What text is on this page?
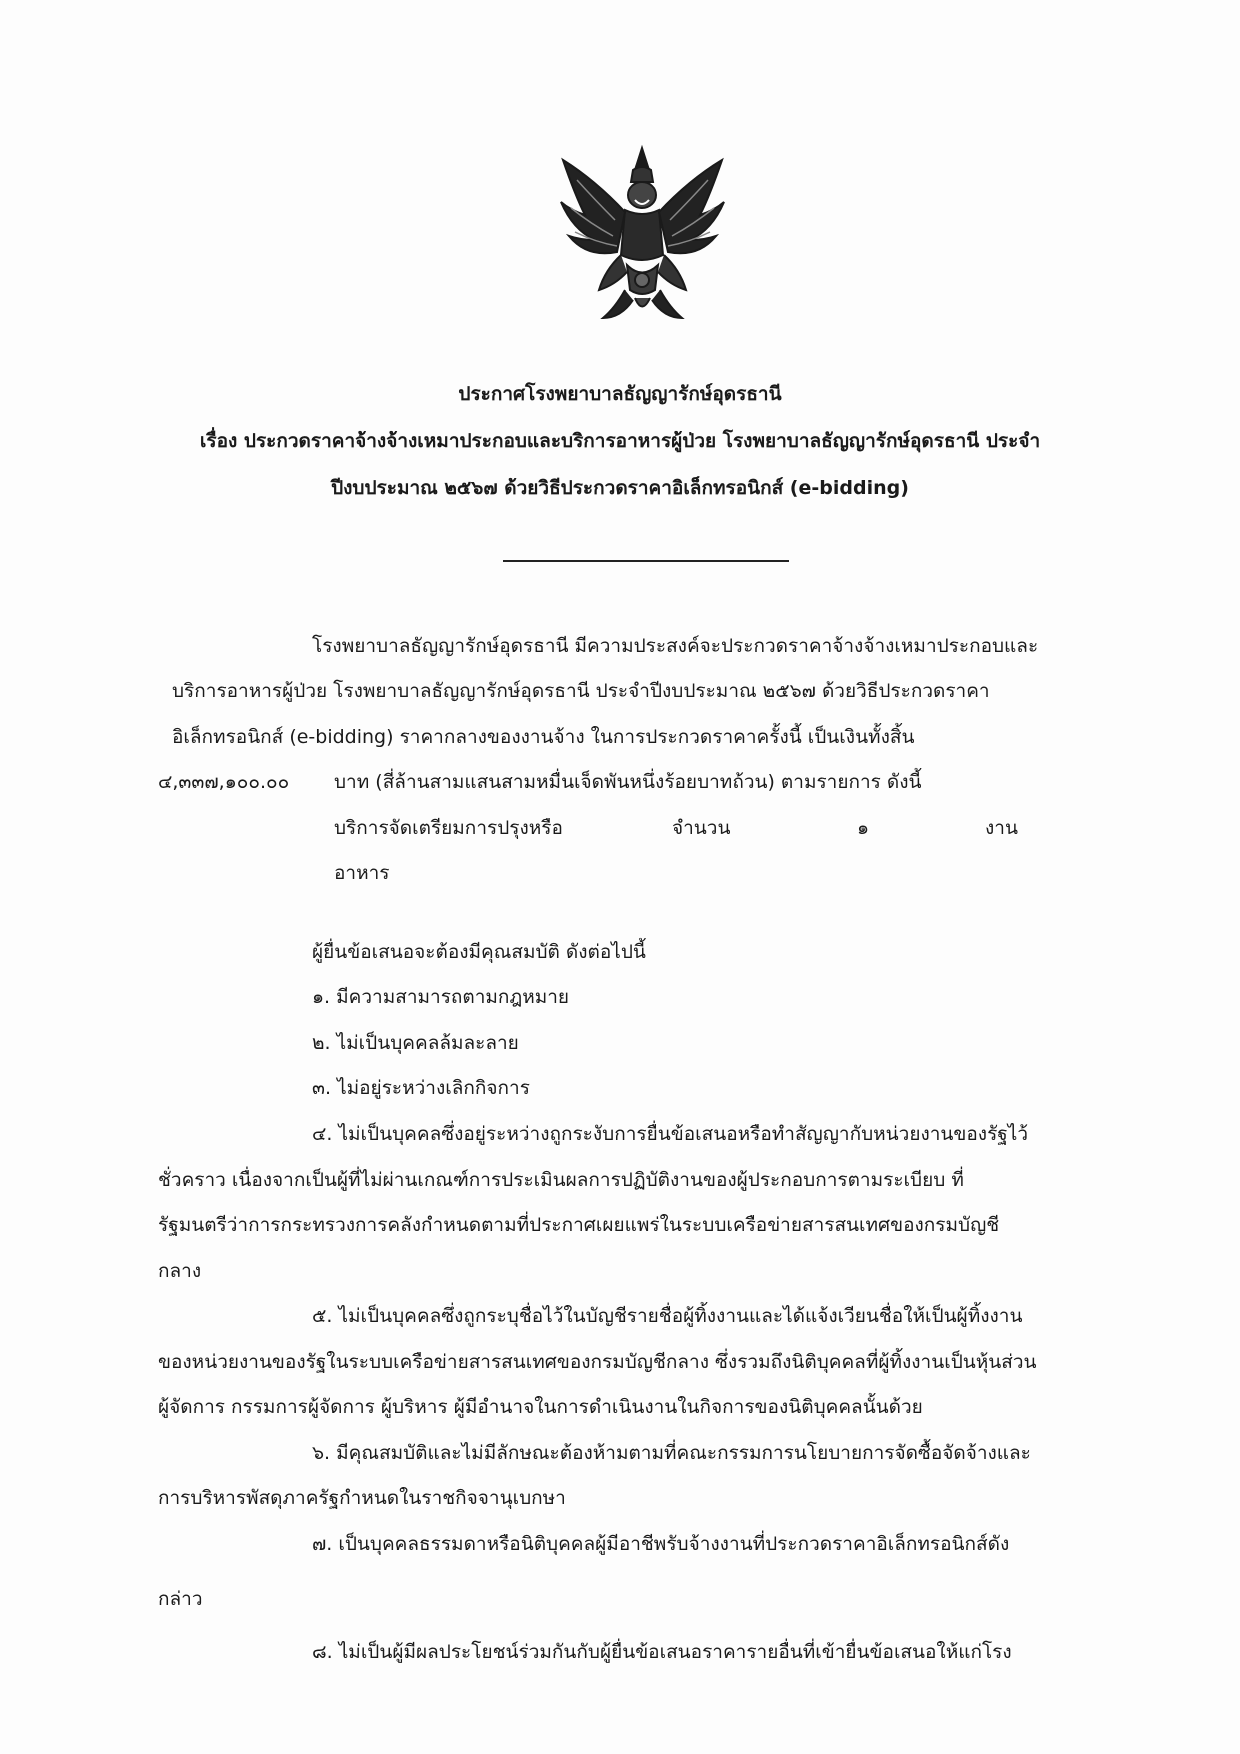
ประกาศโรงพยาบาลธัญญารักษ์อุดรธานี
เรื่อง ประกวดราคาจ้างจ้างเหมาประกอบและบริการอาหารผู้ป่วย โรงพยาบาลธัญญารักษ์อุดรธานี ประจำ
ปีงบประมาณ ๒๕๖๗ ด้วยวิธีประกวดราคาอิเล็กทรอนิกส์ (e-bidding)
โรงพยาบาลธัญญารักษ์อุดรธานี มีความประสงค์จะประกวดราคาจ้างจ้างเหมาประกอบและ
บริการอาหารผู้ป่วย โรงพยาบาลธัญญารักษ์อุดรธานี ประจำปีงบประมาณ ๒๕๖๗ ด้วยวิธีประกวดราคา
อิเล็กทรอนิกส์ (e-bidding) ราคากลางของงานจ้าง ในการประกวดราคาครั้งนี้ เป็นเงินทั้งสิ้น
๔,๓๓๗,๑๐๐.๐๐ บาท (สี่ล้านสามแสนสามหมื่นเจ็ดพันหนึ่งร้อยบาทถ้วน) ตามรายการ ดังนี้
บริการจัดเตรียมการปรุงหรือ	จำนวน	๑	งาน
อาหาร
ผู้ยื่นข้อเสนอจะต้องมีคุณสมบัติ ดังต่อไปนี้
๑. มีความสามารถตามกฎหมาย
๒. ไม่เป็นบุคคลล้มละลาย
๓. ไม่อยู่ระหว่างเลิกกิจการ
๔. ไม่เป็นบุคคลซึ่งอยู่ระหว่างถูกระงับการยื่นข้อเสนอหรือทำสัญญากับหน่วยงานของรัฐไว้
ชั่วคราว เนื่องจากเป็นผู้ที่ไม่ผ่านเกณฑ์การประเมินผลการปฏิบัติงานของผู้ประกอบการตามระเบียบ ที่
รัฐมนตรีว่าการกระทรวงการคลังกำหนดตามที่ประกาศเผยแพร่ในระบบเครือข่ายสารสนเทศของกรมบัญชี
กลาง
๕. ไม่เป็นบุคคลซึ่งถูกระบุชื่อไว้ในบัญชีรายชื่อผู้ทิ้งงานและได้แจ้งเวียนชื่อให้เป็นผู้ทิ้งงาน
ของหน่วยงานของรัฐในระบบเครือข่ายสารสนเทศของกรมบัญชีกลาง ซึ่งรวมถึงนิติบุคคลที่ผู้ทิ้งงานเป็นหุ้นส่วน
ผู้จัดการ กรรมการผู้จัดการ ผู้บริหาร ผู้มีอำนาจในการดำเนินงานในกิจการของนิติบุคคลนั้นด้วย
๖. มีคุณสมบัติและไม่มีลักษณะต้องห้ามตามที่คณะกรรมการนโยบายการจัดซื้อจัดจ้างและ
การบริหารพัสดุภาครัฐกำหนดในราชกิจจานุเบกษา
๗. เป็นบุคคลธรรมดาหรือนิติบุคคลผู้มีอาชีพรับจ้างงานที่ประกวดราคาอิเล็กทรอนิกส์ดัง
กล่าว
๘. ไม่เป็นผู้มีผลประโยชน์ร่วมกันกับผู้ยื่นข้อเสนอราคารายอื่นที่เข้ายื่นข้อเสนอให้แก่โรง
